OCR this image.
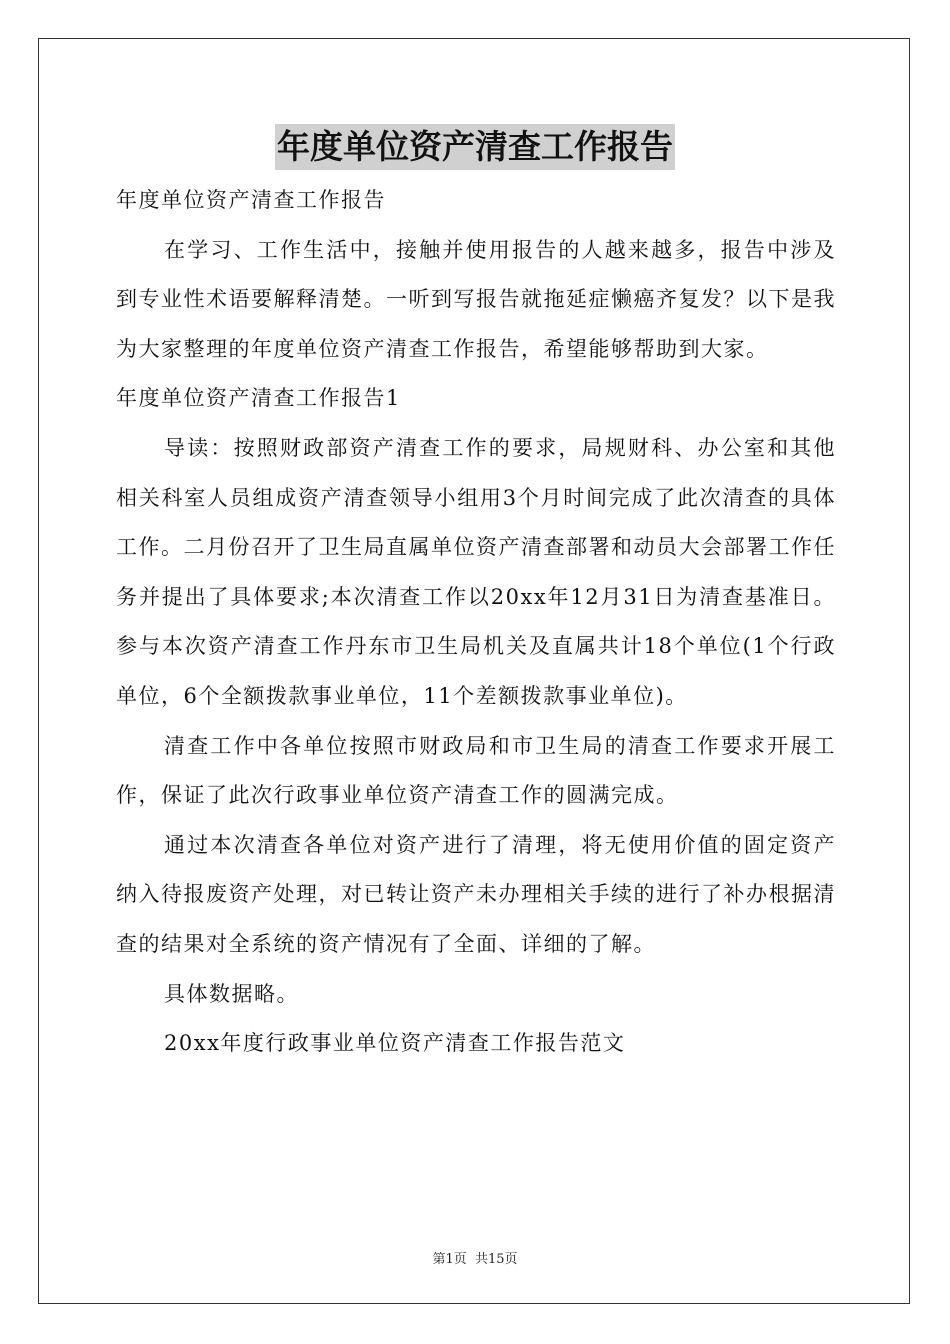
年度单位资产清查工作报告

年度单位资产清查工作报告

在学习、工作生活中，接触并使用报告的人越来越多，报告中涉及到专业性术语要解释清楚。一听到写报告就拖延症懒癌齐复发？以下是我为大家整理的年度单位资产清查工作报告，希望能够帮助到大家。

年度单位资产清查工作报告1

导读：按照财政部资产清查工作的要求，局规财科、办公室和其他相关科室人员组成资产清查领导小组用3个月时间完成了此次清查的具体工作。二月份召开了卫生局直属单位资产清查部署和动员大会部署工作任务并提出了具体要求;本次清查工作以20xx年12月31日为清查基准日。参与本次资产清查工作丹东市卫生局机关及直属共计18个单位(1个行政单位，6个全额拨款事业单位，11个差额拨款事业单位)。

清查工作中各单位按照市财政局和市卫生局的清查工作要求开展工作，保证了此次行政事业单位资产清查工作的圆满完成。

通过本次清查各单位对资产进行了清理，将无使用价值的固定资产纳入待报废资产处理，对已转让资产未办理相关手续的进行了补办根据清查的结果对全系统的资产情况有了全面、详细的了解。

具体数据略。

20xx年度行政事业单位资产清查工作报告范文

第1页 共15页
